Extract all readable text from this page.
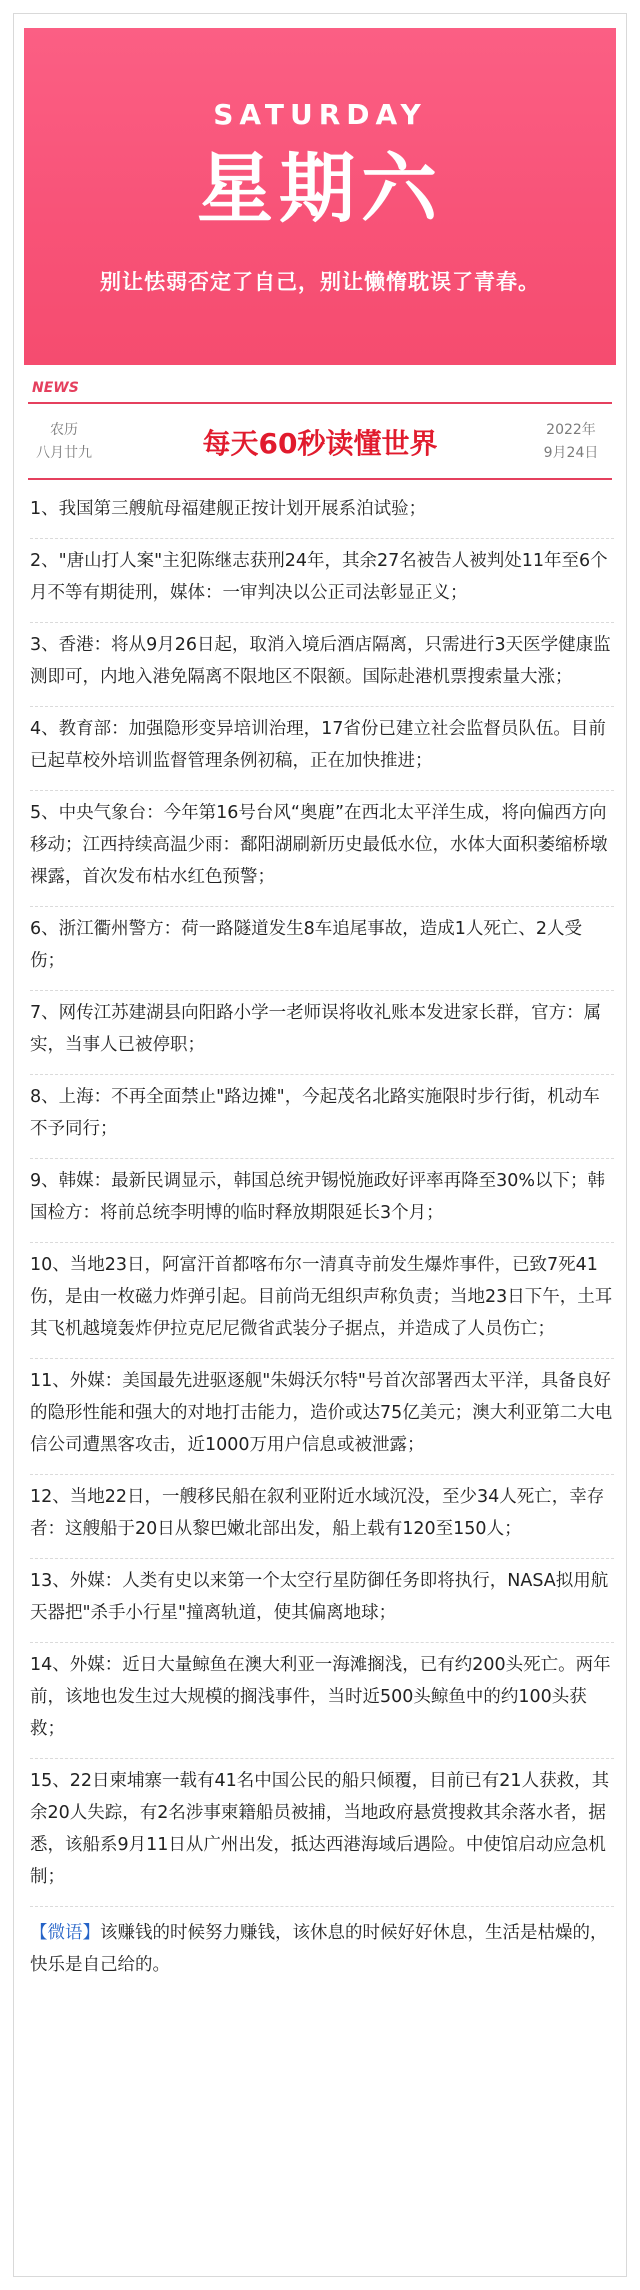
SATURDAY
星期六
别让怯弱否定了自己，别让懒惰耽误了青春。
NEWS
农历
八月廿九	每天60秒读懂世界	2022年
9月24日
1、我国第三艘航母福建舰正按计划开展系泊试验；
2、"唐山打人案"主犯陈继志获刑24年，其余27名被告人被判处11年至6个月不等有期徒刑，媒体：一审判决以公正司法彰显正义；
3、香港：将从9月26日起，取消入境后酒店隔离，只需进行3天医学健康监测即可，内地入港免隔离不限地区不限额。国际赴港机票搜索量大涨；
4、教育部：加强隐形变异培训治理，17省份已建立社会监督员队伍。目前已起草校外培训监督管理条例初稿，正在加快推进；
5、中央气象台：今年第16号台风“奥鹿”在西北太平洋生成，将向偏西方向移动；江西持续高温少雨：鄱阳湖刷新历史最低水位，水体大面积萎缩桥墩裸露，首次发布枯水红色预警；
6、浙江衢州警方：荷一路隧道发生8车追尾事故，造成1人死亡、2人受伤；
7、网传江苏建湖县向阳路小学一老师误将收礼账本发进家长群，官方：属实，当事人已被停职；
8、上海：不再全面禁止"路边摊"，今起茂名北路实施限时步行街，机动车不予同行；
9、韩媒：最新民调显示，韩国总统尹锡悦施政好评率再降至30%以下；韩国检方：将前总统李明博的临时释放期限延长3个月；
10、当地23日，阿富汗首都喀布尔一清真寺前发生爆炸事件，已致7死41伤，是由一枚磁力炸弹引起。目前尚无组织声称负责；当地23日下午，土耳其飞机越境轰炸伊拉克尼尼微省武装分子据点，并造成了人员伤亡；
11、外媒：美国最先进驱逐舰"朱姆沃尔特"号首次部署西太平洋，具备良好的隐形性能和强大的对地打击能力，造价或达75亿美元；澳大利亚第二大电信公司遭黑客攻击，近1000万用户信息或被泄露；
12、当地22日，一艘移民船在叙利亚附近水域沉没，至少34人死亡，幸存者：这艘船于20日从黎巴嫩北部出发，船上载有120至150人；
13、外媒：人类有史以来第一个太空行星防御任务即将执行，NASA拟用航天器把"杀手小行星"撞离轨道，使其偏离地球；
14、外媒：近日大量鲸鱼在澳大利亚一海滩搁浅，已有约200头死亡。两年前，该地也发生过大规模的搁浅事件，当时近500头鲸鱼中的约100头获救；
15、22日柬埔寨一载有41名中国公民的船只倾覆，目前已有21人获救，其余20人失踪，有2名涉事柬籍船员被捕，当地政府悬赏搜救其余落水者，据悉，该船系9月11日从广州出发，抵达西港海域后遇险。中使馆启动应急机制；
【微语】该赚钱的时候努力赚钱，该休息的时候好好休息，生活是枯燥的，快乐是自己给的。
